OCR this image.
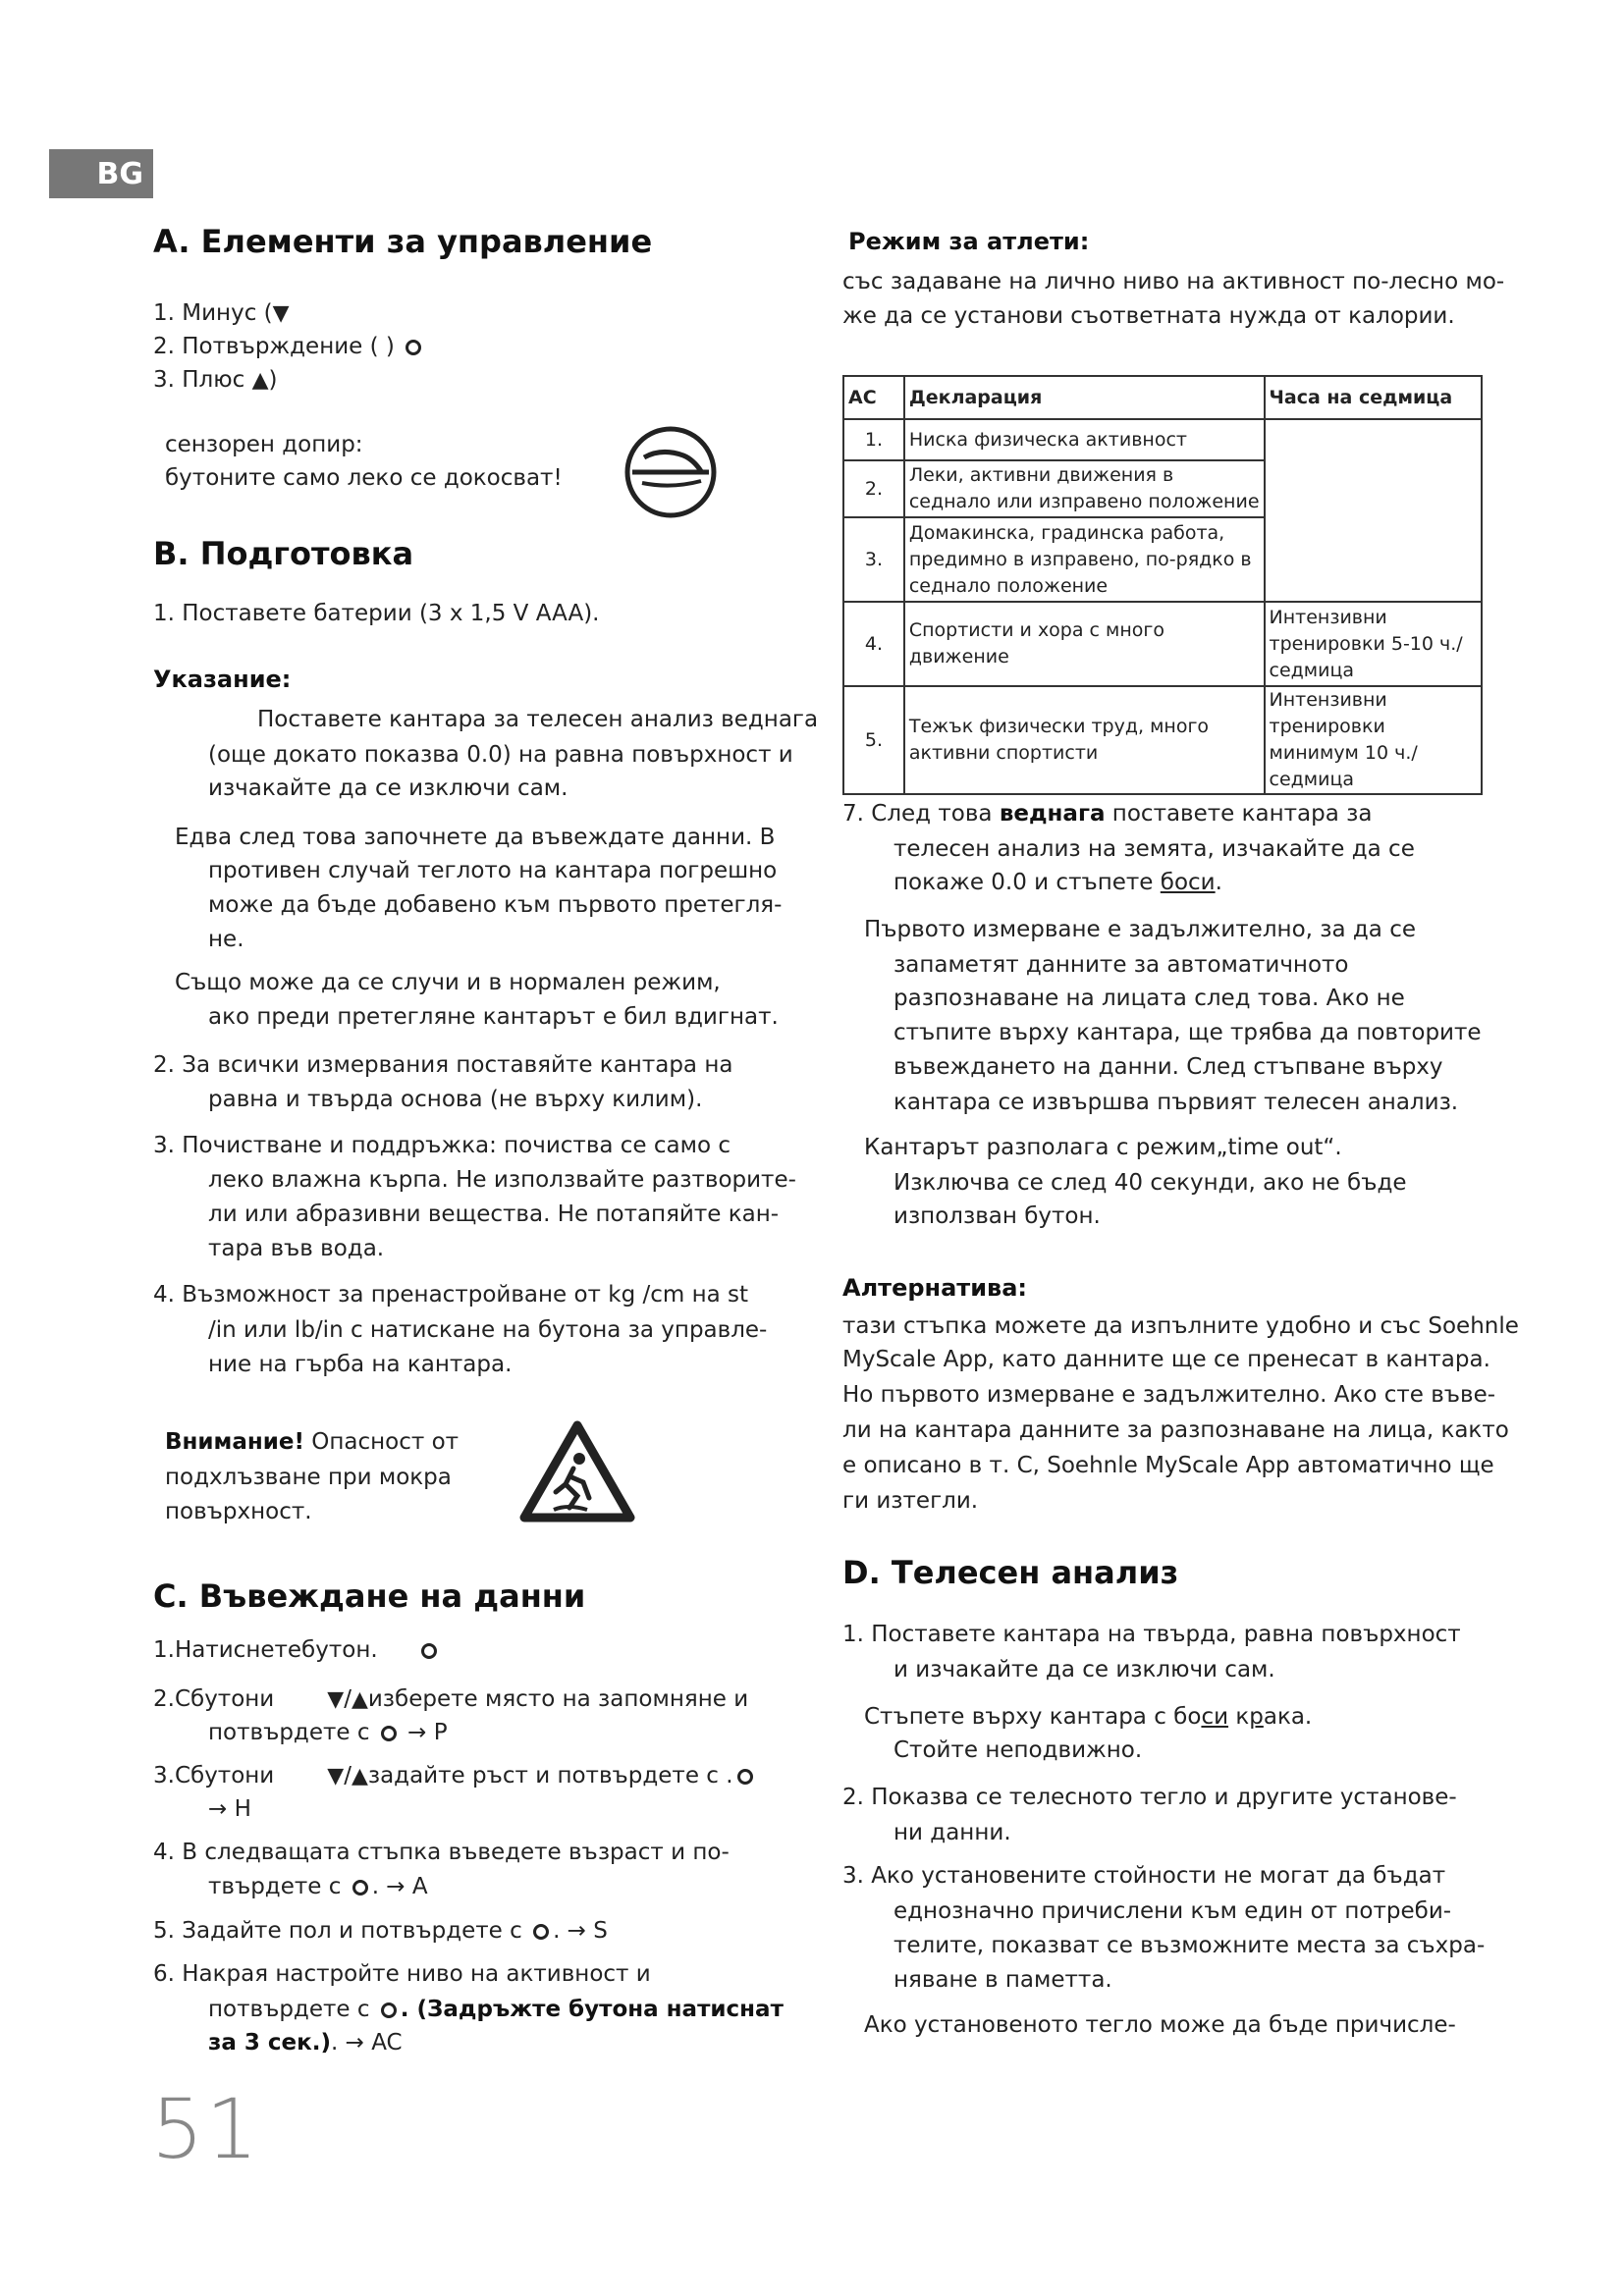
BG
A. Елементи за управление
1. Минус (▼
2. Потвърждение ( )
3. Плюс ▲)
сензорен допир:
бутоните само леко се докосват!
B. Подготовка
1. Поставете батерии (3 x 1,5 V AAA).
Указание:
Поставете кантара за телесен анализ веднага
(още докато показва 0.0) на равна повърхност и
изчакайте да се изключи сам.
Едва след това започнете да въвеждате данни. В
противен случай теглото на кантара погрешно
може да бъде добавено към първото претегля-
не.
Също може да се случи и в нормален режим,
ако преди претегляне кантарът е бил вдигнат.
2. За всички измервания поставяйте кантара на
равна и твърда основа (не върху килим).
3. Почистване и поддръжка: почиства се само с
леко влажна кърпа. Не използвайте разтворите-
ли или абразивни вещества. Не потапяйте кан-
тара във вода.
4. Възможност за пренастройване от kg /cm на st
/in или lb/in с натискане на бутона за управле-
ние на гърба на кантара.
Внимание! Опасност от
подхлъзване при мокра
повърхност.
C. Въвеждане на данни
1.Натиснетебутон.
2.Сбутони ▼/▲изберете място на запомняне и
потвърдете с → P
3.Сбутони ▼/▲задайте ръст и потвърдете с .
→ H
4. В следващата стъпка въведете възраст и по-
твърдете с . → A
5. Задайте пол и потвърдете с . → S
6. Накрая настройте ниво на активност и
потвърдете с . (Задръжте бутона натиснат
за 3 сек.). → AC
Режим за атлети:
със задаване на лично ниво на активност по-лесно мо-
же да се установи съответната нужда от калории.
AC	Декларация	Часа на седмица
1.	Ниска физическа активност	
2.	Леки, активни движения в седнало или изправено положение	
3.	Домакинска, градинска работа, предимно в изправено, по-рядко в седнало положение	
4.	Спортисти и хора с много движение	Интензивни тренировки 5-10 ч./седмица
5.	Тежък физически труд, много активни спортисти	Интензивни тренировки минимум 10 ч./седмица
7. След това веднага поставете кантара за
телесен анализ на земята, изчакайте да се
покаже 0.0 и стъпете боси.
Първото измерване е задължително, за да се
запаметят данните за автоматичното
разпознаване на лицата след това. Ако не
стъпите върху кантара, ще трябва да повторите
въвеждането на данни. След стъпване върху
кантара се извършва първият телесен анализ.
Кантарът разполага с режим„time out“.
Изключва се след 40 секунди, ако не бъде
използван бутон.
Алтернатива:
тази стъпка можете да изпълните удобно и със Soehnle
MyScale App, като данните ще се пренесат в кантара.
Но първото измерване е задължително. Ако сте въве-
ли на кантара данните за разпознаване на лица, както
е описано в т. C, Soehnle MyScale App автоматично ще
ги изтегли.
D. Телесен анализ
1. Поставете кантара на твърда, равна повърхност
и изчакайте да се изключи сам.
Стъпете върху кантара с боси крака.
Стойте неподвижно.
2. Показва се телесното тегло и другите установе-
ни данни.
3. Ако установените стойности не могат да бъдат
еднозначно причислени към един от потреби-
телите, показват се възможните места за съхра-
няване в паметта.
Ако установеното тегло може да бъде причисле-
51
